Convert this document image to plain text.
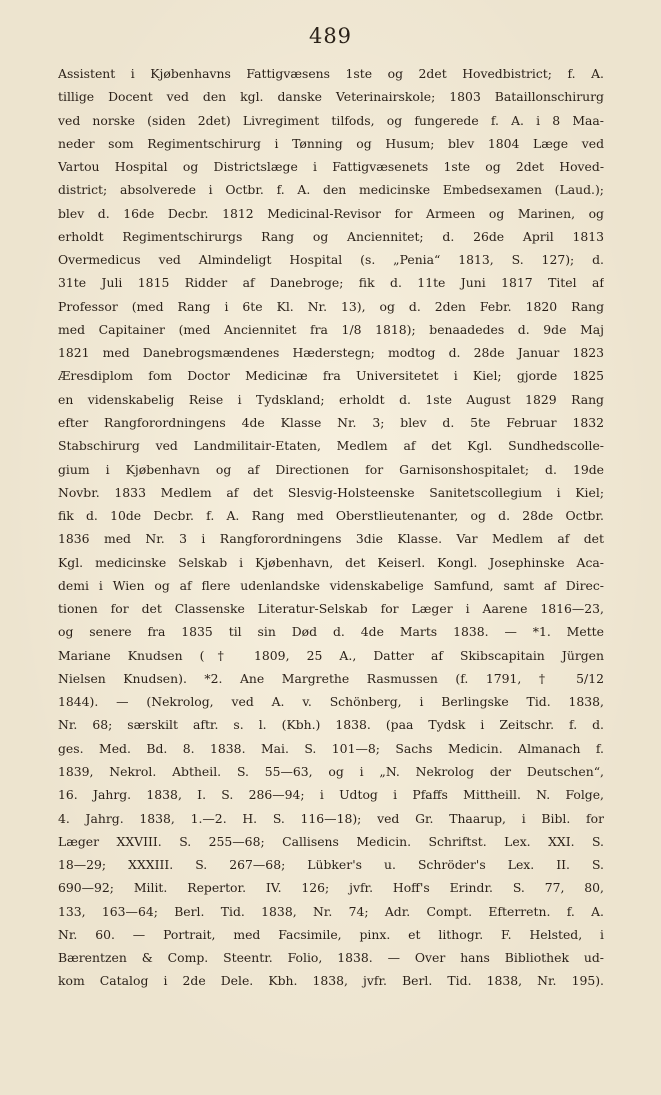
489
Assistent i Kjøbenhavns Fattigvæsens 1ste og 2det Hovedbistrict; f. A.
tillige Docent ved den kgl. danske Veterinairskole; 1803 Bataillonschirurg
ved norske (siden 2det) Livregiment tilfods, og fungerede f. A. i 8 Maa-
neder som Regimentschirurg i Tønning og Husum; blev 1804 Læge ved
Vartou Hospital og Districtslæge i Fattigvæsenets 1ste og 2det Hoved-
district; absolverede i Octbr. f. A. den medicinske Embedsexamen (Laud.);
blev d. 16de Decbr. 1812 Medicinal-Revisor for Armeen og Marinen, og
erholdt Regimentschirurgs Rang og Anciennitet; d. 26de April 1813
Overmedicus ved Almindeligt Hospital (s. „Penia“ 1813, S. 127); d.
31te Juli 1815 Ridder af Danebroge; fik d. 11te Juni 1817 Titel af
Professor (med Rang i 6te Kl. Nr. 13), og d. 2den Febr. 1820 Rang
med Capitainer (med Anciennitet fra 1/8 1818); benaadedes d. 9de Maj
1821 med Danebrogsmændenes Hæderstegn; modtog d. 28de Januar 1823
Æresdiplom fom Doctor Medicinæ fra Universitetet i Kiel; gjorde 1825
en videnskabelig Reise i Tydskland; erholdt d. 1ste August 1829 Rang
efter Rangforordningens 4de Klasse Nr. 3; blev d. 5te Februar 1832
Stabschirurg ved Landmilitair-Etaten, Medlem af det Kgl. Sundhedscolle-
gium i Kjøbenhavn og af Directionen for Garnisonshospitalet; d. 19de
Novbr. 1833 Medlem af det Slesvig-Holsteenske Sanitetscollegium i Kiel;
fik d. 10de Decbr. f. A. Rang med Oberstlieutenanter, og d. 28de Octbr.
1836 med Nr. 3 i Rangforordningens 3die Klasse. Var Medlem af det
Kgl. medicinske Selskab i Kjøbenhavn, det Keiserl. Kongl. Josephinske Aca-
demi i Wien og af flere udenlandske videnskabelige Samfund, samt af Direc-
tionen for det Classenske Literatur-Selskab for Læger i Aarene 1816—23,
og senere fra 1835 til sin Død d. 4de Marts 1838. — *1. Mette
Mariane Knudsen († 1809, 25 A., Datter af Skibscapitain Jürgen
Nielsen Knudsen). *2. Ane Margrethe Rasmussen (f. 1791, † 5/12
1844). — (Nekrolog, ved A. v. Schönberg, i Berlingske Tid. 1838,
Nr. 68; særskilt aftr. s. l. (Kbh.) 1838. (paa Tydsk i Zeitschr. f. d.
ges. Med. Bd. 8. 1838. Mai. S. 101—8; Sachs Medicin. Almanach f.
1839, Nekrol. Abtheil. S. 55—63, og i „N. Nekrolog der Deutschen“,
16. Jahrg. 1838, I. S. 286—94; i Udtog i Pfaffs Mittheill. N. Folge,
4. Jahrg. 1838, 1.—2. H. S. 116—18); ved Gr. Thaarup, i Bibl. for
Læger XXVIII. S. 255—68; Callisens Medicin. Schriftst. Lex. XXI. S.
18—29; XXXIII. S. 267—68; Lübker's u. Schröder's Lex. II. S.
690—92; Milit. Repertor. IV. 126; jvfr. Hoff's Erindr. S. 77, 80,
133, 163—64; Berl. Tid. 1838, Nr. 74; Adr. Compt. Efterretn. f. A.
Nr. 60. — Portrait, med Facsimile, pinx. et lithogr. F. Helsted, i
Bærentzen & Comp. Steentr. Folio, 1838. — Over hans Bibliothek ud-
kom Catalog i 2de Dele. Kbh. 1838, jvfr. Berl. Tid. 1838, Nr. 195).
